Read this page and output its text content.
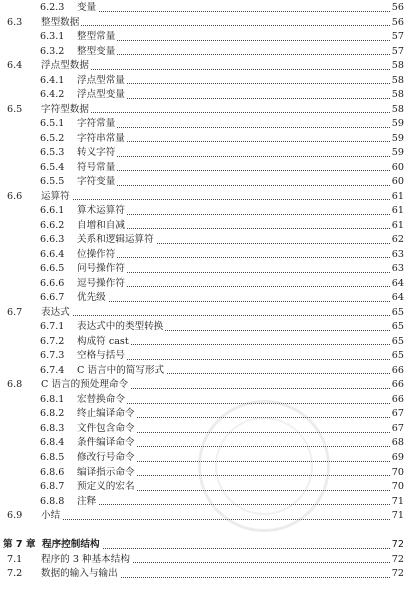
6.2.3 变量	56
6.3 整型数据	56
6.3.1 整型常量	57
6.3.2 整型变量	57
6.4 浮点型数据	58
6.4.1 浮点型常量	58
6.4.2 浮点型变量	58
6.5 字符型数据	58
6.5.1 字符常量	59
6.5.2 字符串常量	59
6.5.3 转义字符	59
6.5.4 符号常量	60
6.5.5 字符变量	60
6.6 运算符	61
6.6.1 算术运算符	61
6.6.2 自增和自减	61
6.6.3 关系和逻辑运算符	62
6.6.4 位操作符	63
6.6.5 问号操作符	63
6.6.6 逗号操作符	64
6.6.7 优先级	64
6.7 表达式	65
6.7.1 表达式中的类型转换	65
6.7.2 构成符 cast	65
6.7.3 空格与括号	65
6.7.4 C 语言中的简写形式	66
6.8 C 语言的预处理命令	66
6.8.1 宏替换命令	66
6.8.2 终止编译命令	67
6.8.3 文件包含命令	67
6.8.4 条件编译命令	68
6.8.5 修改行号命令	69
6.8.6 编译指示命令	70
6.8.7 预定义的宏名	70
6.8.8 注释	71
6.9 小结	71
第 7 章 程序控制结构	72
7.1 程序的 3 种基本结构	72
7.2 数据的输入与输出	72
